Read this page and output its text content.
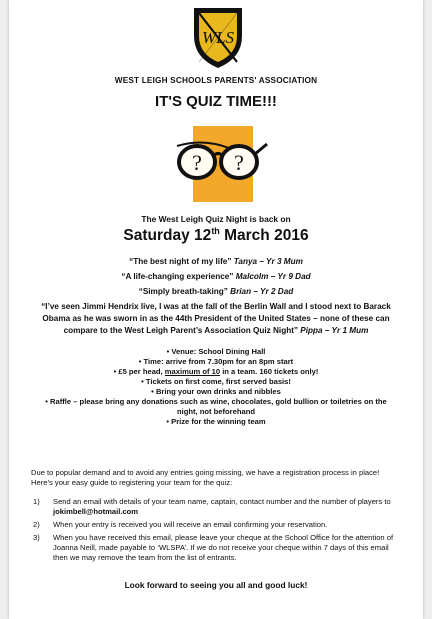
WLS
WEST LEIGH SCHOOLS PARENTS' ASSOCIATION
IT'S QUIZ TIME!!!
? ?
The West Leigh Quiz Night is back on
Saturday 12th March 2016

“The best night of my life” Tanya – Yr 3 Mum

“A life-changing experience” Malcolm – Yr 9 Dad

“Simply breath-taking” Brian – Yr 2 Dad

“I’ve seen Jimmi Hendrix live, I was at the fall of the Berlin Wall and I stood next to Barack Obama as he was sworn in as the 44th President of the United States – none of these can compare to the West Leigh Parent’s Association Quiz Night” Pippa – Yr 1 Mum

• Venue: School Dining Hall
• Time: arrive from 7.30pm for an 8pm start
• £5 per head, maximum of 10 in a team. 160 tickets only!
• Tickets on first come, first served basis!
• Bring your own drinks and nibbles
• Raffle – please bring any donations such as wine, chocolates, gold bullion or toiletries on the night, not beforehand
• Prize for the winning team
Due to popular demand and to avoid any entries going missing, we have a registration process in place! Here’s your easy guide to registering your team for the quiz:
1) Send an email with details of your team name, captain, contact number and the number of players to jokimbell@hotmail.com
2) When your entry is received you will receive an email confirming your reservation.
3) When you have received this email, please leave your cheque at the School Office for the attention of Joanna Neill, made payable to ‘WLSPA’. If we do not receive your cheque within 7 days of this email then we may remove the team from the list of entrants.
Look forward to seeing you all and good luck!
